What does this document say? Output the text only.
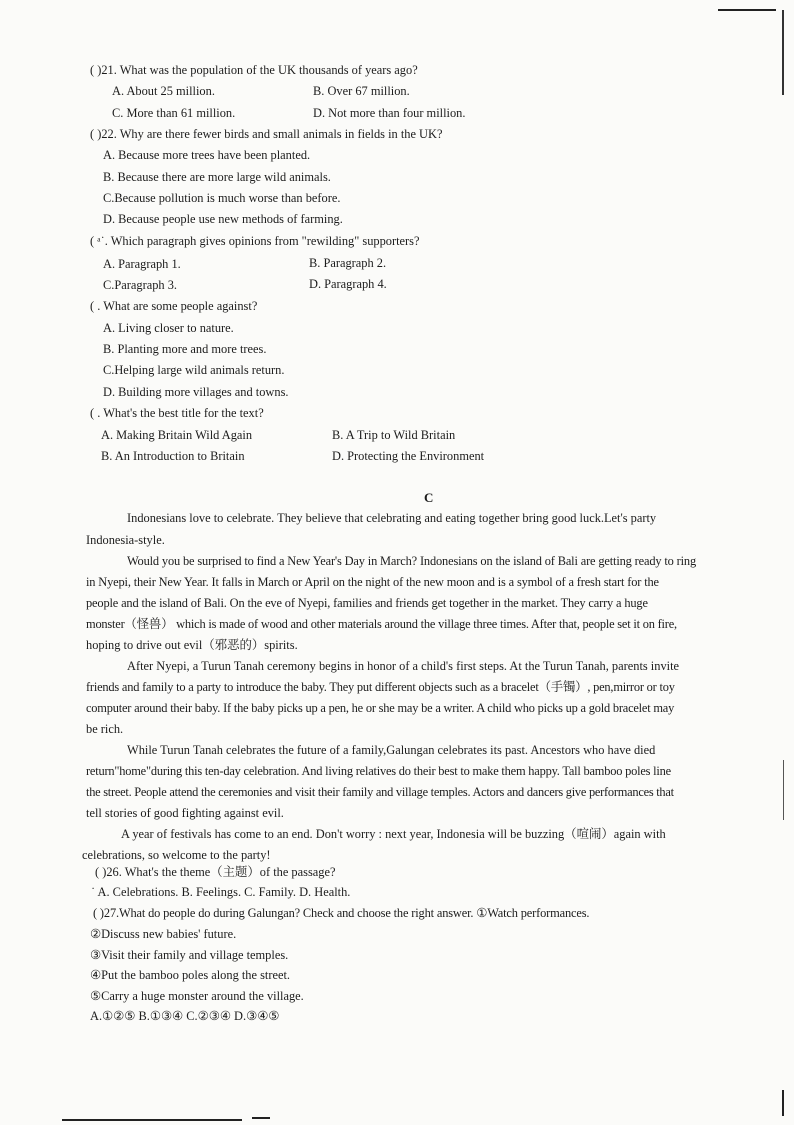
( )21. What was the population of the UK thousands of years ago?
A. About 25 million.	B. Over 67 million.
C. More than 61 million.	D. Not more than four million.
( )22. Why are there fewer birds and small animals in fields in the UK?
A. Because more trees have been planted.
B. Because there are more large wild animals.
C.Because pollution is much worse than before.
D. Because people use new methods of farming.
( ᵃ˙. Which paragraph gives opinions from "rewilding" supporters?
A. Paragraph 1.	B. Paragraph 2.
C.Paragraph 3.	D. Paragraph 4.
( . What are some people against?
A. Living closer to nature.
B. Planting more and more trees.
C.Helping large wild animals return.
D. Building more villages and towns.
( . What's the best title for the text?
A. Making Britain Wild Again	B. A Trip to Wild Britain
B. An Introduction to Britain	D. Protecting the Environment
C
Indonesians love to celebrate. They believe that celebrating and eating together bring good luck.Let's party
Indonesia-style.
Would you be surprised to find a New Year's Day in March? Indonesians on the island of Bali are getting ready to ring
in Nyepi, their New Year. It falls in March or April on the night of the new moon and is a symbol of a fresh start for the
people and the island of Bali. On the eve of Nyepi, families and friends get together in the market. They carry a huge
monster（怪兽） which is made of wood and other materials around the village three times. After that, people set it on fire,
hoping to drive out evil（邪恶的）spirits.
After Nyepi, a Turun Tanah ceremony begins in honor of a child's first steps. At the Turun Tanah, parents invite
friends and family to a party to introduce the baby. They put different objects such as a bracelet（手镯）, pen,mirror or toy
computer around their baby. If the baby picks up a pen, he or she may be a writer. A child who picks up a gold bracelet may
be rich.
While Turun Tanah celebrates the future of a family,Galungan celebrates its past. Ancestors who have died
return"home"during this ten-day celebration. And living relatives do their best to make them happy. Tall bamboo poles line
the street. People attend the ceremonies and visit their family and village temples. Actors and dancers give performances that
tell stories of good fighting against evil.
A year of festivals has come to an end. Don't worry : next year, Indonesia will be buzzing（喧闹）again with
celebrations, so welcome to the party!
( )26. What's the theme（主题）of the passage?
˙ A. Celebrations. B. Feelings. C. Family. D. Health.
( )27.What do people do during Galungan? Check and choose the right answer. ①Watch performances.
②Discuss new babies' future.
③Visit their family and village temples.
④Put the bamboo poles along the street.
⑤Carry a huge monster around the village.
A.①②⑤ B.①③④ C.②③④ D.③④⑤
